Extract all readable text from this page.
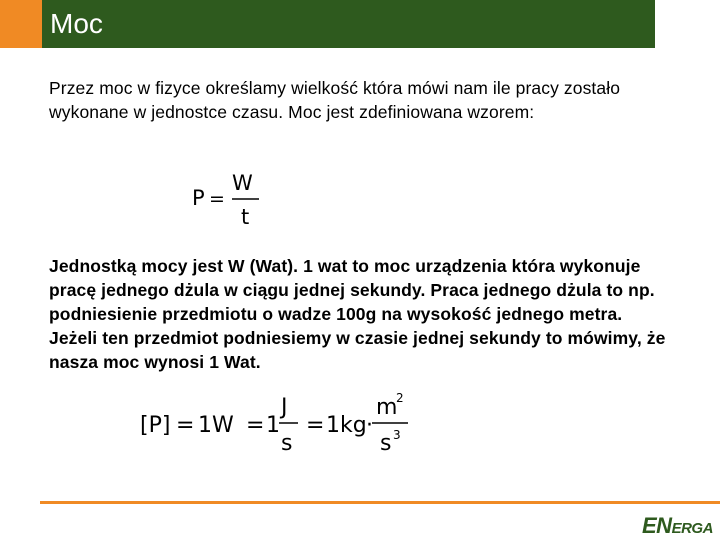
Moc

Przez moc w fizyce określamy wielkość która mówi nam ile pracy zostało wykonane w jednostce czasu. Moc jest zdefiniowana wzorem:

P =
W
t

Jednostką mocy jest W (Wat). 1 wat to moc urządzenia która wykonuje pracę jednego dżula w ciągu jednej sekundy. Praca jednego dżula to np. podniesienie przedmiotu o wadze 100g na wysokość jednego metra. Jeżeli ten przedmiot podniesiemy w czasie jednej sekundy to mówimy, że nasza moc wynosi 1 Wat.

[P] = 1W = 1
J
s
= 1kg ·
m
2
s 3
ENERGA
